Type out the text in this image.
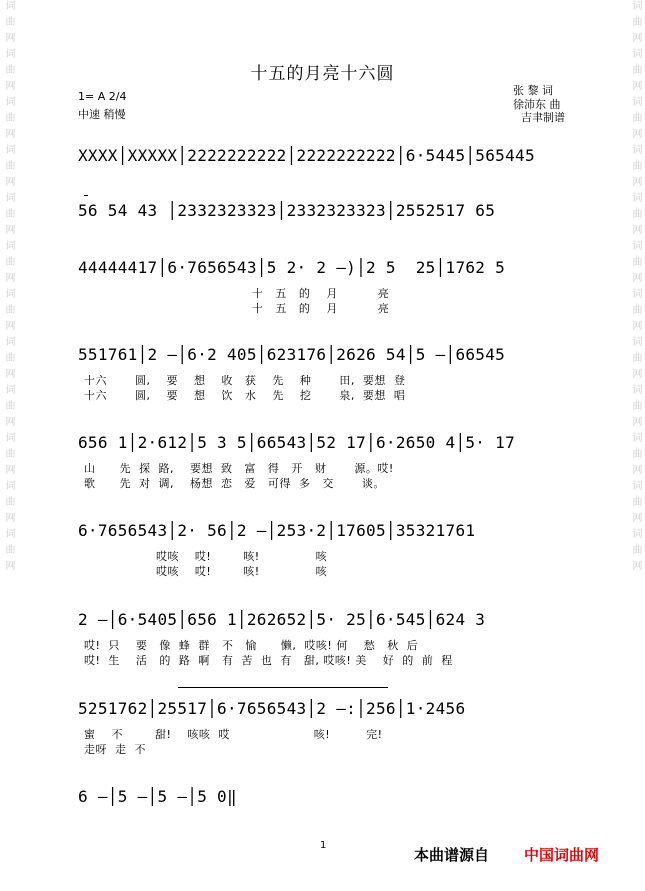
词曲网词曲网词曲网词曲网词曲网词曲网词曲网词曲网词曲网词曲网词曲网词曲网	词曲网词曲网词曲网词曲网词曲网词曲网词曲网词曲网词曲网词曲网词曲网词曲网
十五的月亮十六圆
1= A 2/4
中速 稍慢
张 黎 词
徐沛东 曲
吉聿制谱
XXXX│XXXXX│2222222222│2222222222│6·5445│565445
56 54 43 │2332323323│2332323323│2552517 65
44444417│6·7656543│5 2· 2 –)│2 5  25│1762 5
十   五   的    月          亮
十   五   的    月          亮
551761│2 –│6·2 405│623176│2626 54│5 –│66545
十六       圆,    要    想    收   获    先    种       田,  要想  登
十六       圆,    要    想    饮   水    先    挖       泉,  要想  唱
656 1│2·612│5 3 5│66543│52 17│6·2650 4│5· 17
山      先  探  路,    要想  致   富   得   开   财       源。哎!
歌      先  对  调,    杨想  恋   爱   可得  多   交       谈。
6·7656543│2· 56│2 –│253·2│17605│35321761
哎咳    哎!        咳!              咳
哎咳    哎!        咳!              咳
2 –│6·5405│656 1│262652│5· 25│6·545│624 3
哎!  只    要   像  蜂  群   不   愉      懒,  哎咳! 何    愁   秋  后
哎!  生    活   的  路  啊   有  苦  也  有   甜, 哎咳! 美    好  的  前  程
5251762│25517│6·7656543│2 –:│256│1·2456
蜜    不        甜!    咳咳  哎                     咳!         完!
走呀  走  不
6 –│5 –│5 –│5 0‖
1
本曲谱源自 中国词曲网
